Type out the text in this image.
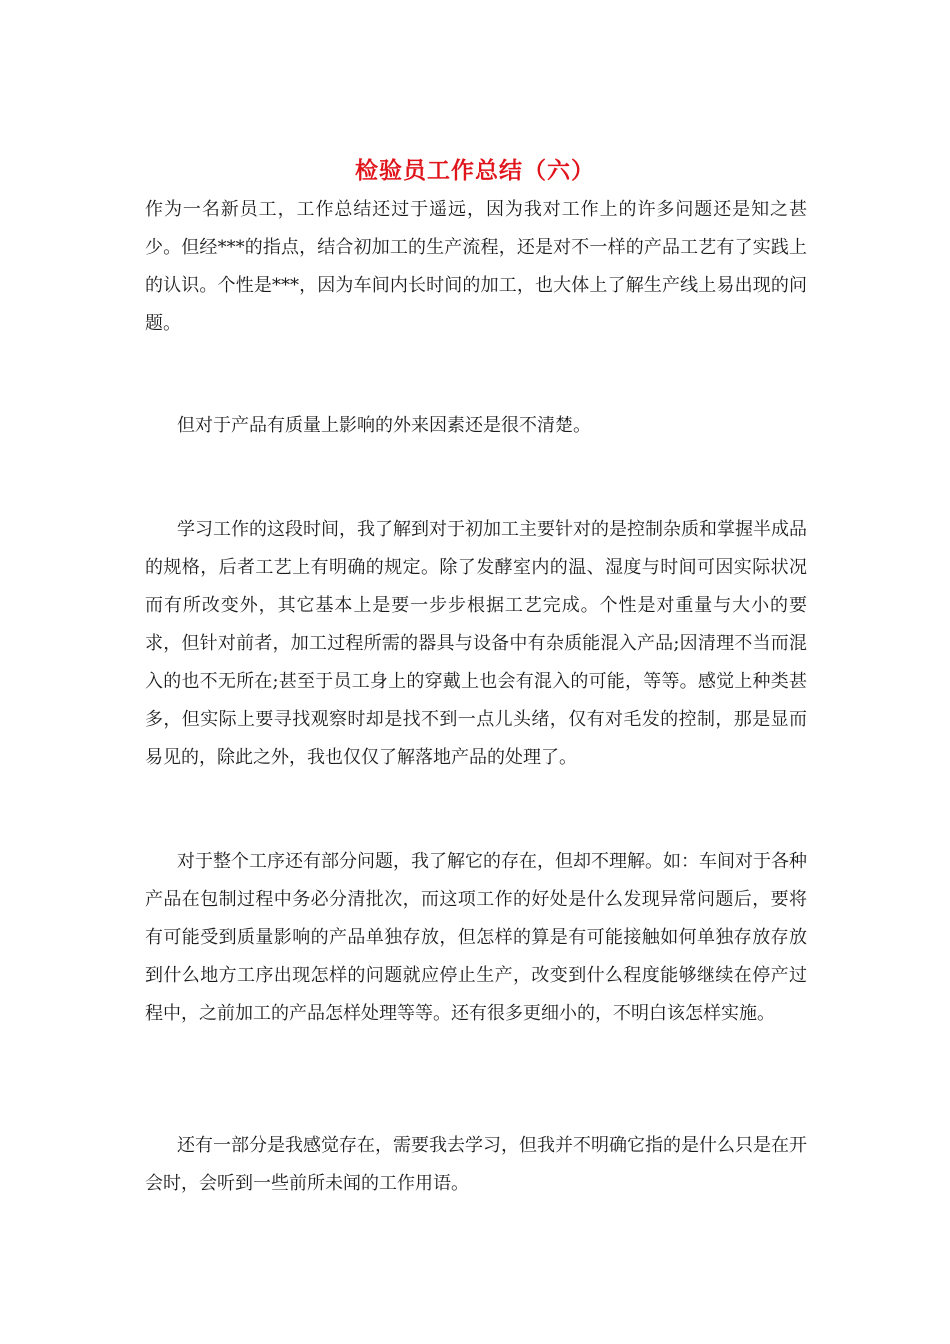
检验员工作总结（六）

作为一名新员工，工作总结还过于遥远，因为我对工作上的许多问题还是知之甚少。但经***的指点，结合初加工的生产流程，还是对不一样的产品工艺有了实践上的认识。个性是***，因为车间内长时间的加工，也大体上了解生产线上易出现的问题。

但对于产品有质量上影响的外来因素还是很不清楚。

学习工作的这段时间，我了解到对于初加工主要针对的是控制杂质和掌握半成品的规格，后者工艺上有明确的规定。除了发酵室内的温、湿度与时间可因实际状况而有所改变外，其它基本上是要一步步根据工艺完成。个性是对重量与大小的要求，但针对前者，加工过程所需的器具与设备中有杂质能混入产品;因清理不当而混入的也不无所在;甚至于员工身上的穿戴上也会有混入的可能，等等。感觉上种类甚多，但实际上要寻找观察时却是找不到一点儿头绪，仅有对毛发的控制，那是显而易见的，除此之外，我也仅仅了解落地产品的处理了。

对于整个工序还有部分问题，我了解它的存在，但却不理解。如：车间对于各种产品在包制过程中务必分清批次，而这项工作的好处是什么发现异常问题后，要将有可能受到质量影响的产品单独存放，但怎样的算是有可能接触如何单独存放存放到什么地方工序出现怎样的问题就应停止生产，改变到什么程度能够继续在停产过程中，之前加工的产品怎样处理等等。还有很多更细小的，不明白该怎样实施。

还有一部分是我感觉存在，需要我去学习，但我并不明确它指的是什么只是在开会时，会听到一些前所未闻的工作用语。
